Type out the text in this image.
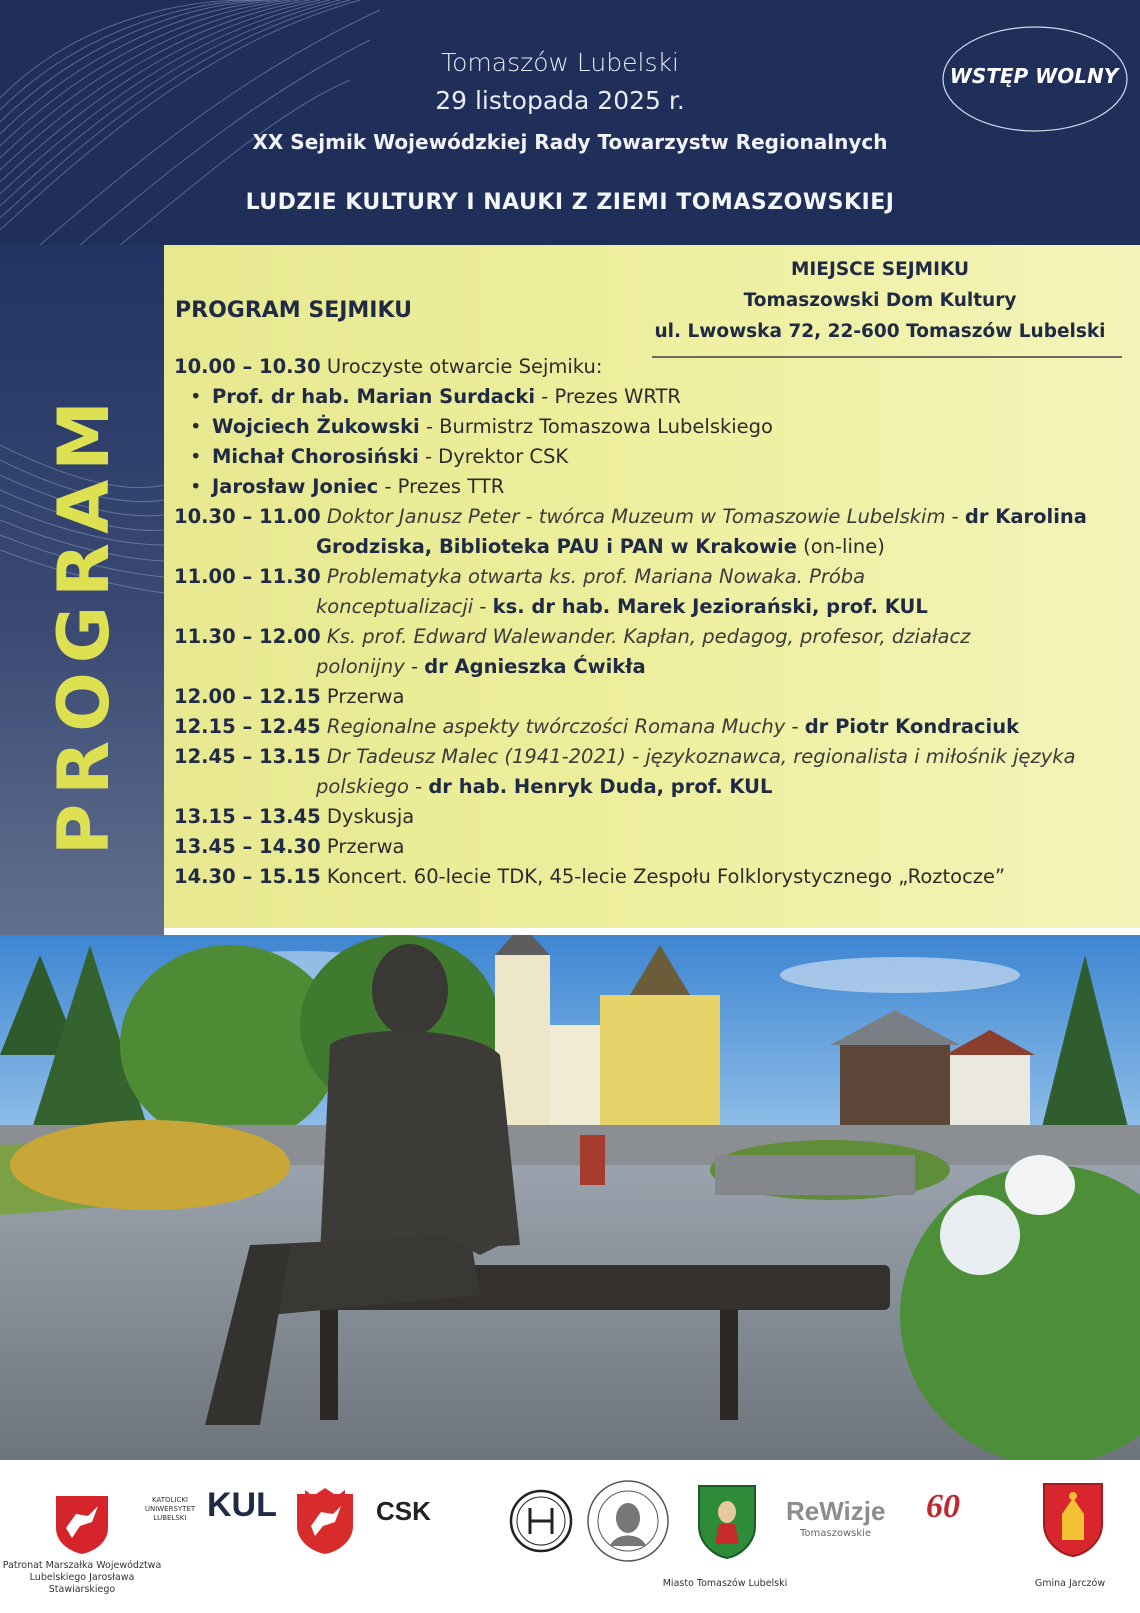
WSTĘP WOLNY
Tomaszów Lubelski
29 listopada 2025 r.
XX Sejmik Wojewódzkiej Rady Towarzystw Regionalnych
LUDZIE KULTURY I NAUKI Z ZIEMI TOMASZOWSKIEJ
PROGRAM
PROGRAM SEJMIKU
MIEJSCE SEJMIKU
Tomaszowski Dom Kultury
ul. Lwowska 72, 22-600 Tomaszów Lubelski
10.00 – 10.30 Uroczyste otwarcie Sejmiku:
• Prof. dr hab. Marian Surdacki - Prezes WRTR
• Wojciech Żukowski - Burmistrz Tomaszowa Lubelskiego
• Michał Chorosiński - Dyrektor CSK
• Jarosław Joniec - Prezes TTR
10.30 – 11.00 Doktor Janusz Peter - twórca Muzeum w Tomaszowie Lubelskim - dr Karolina
Grodziska, Biblioteka PAU i PAN w Krakowie (on-line)
11.00 – 11.30 Problematyka otwarta ks. prof. Mariana Nowaka. Próba
konceptualizacji - ks. dr hab. Marek Jeziorański, prof. KUL
11.30 – 12.00 Ks. prof. Edward Walewander. Kapłan, pedagog, profesor, działacz
polonijny - dr Agnieszka Ćwikła
12.00 – 12.15 Przerwa
12.15 – 12.45 Regionalne aspekty twórczości Romana Muchy - dr Piotr Kondraciuk
12.45 – 13.15 Dr Tadeusz Malec (1941-2021) - językoznawca, regionalista i miłośnik języka
polskiego - dr hab. Henryk Duda, prof. KUL
13.15 – 13.45 Dyskusja
13.45 – 14.30 Przerwa
14.30 – 15.15 Koncert. 60-lecie TDK, 45-lecie Zespołu Folklorystycznego „Roztocze”
Patronat Marszałka Województwa Lubelskiego Jarosława Stawiarskiego
KATOLICKI UNIWERSYTET LUBELSKI KUL	CSK
Miasto Tomaszów Lubelski
ReWizje
Tomaszowskie
60
Gmina Jarczów
